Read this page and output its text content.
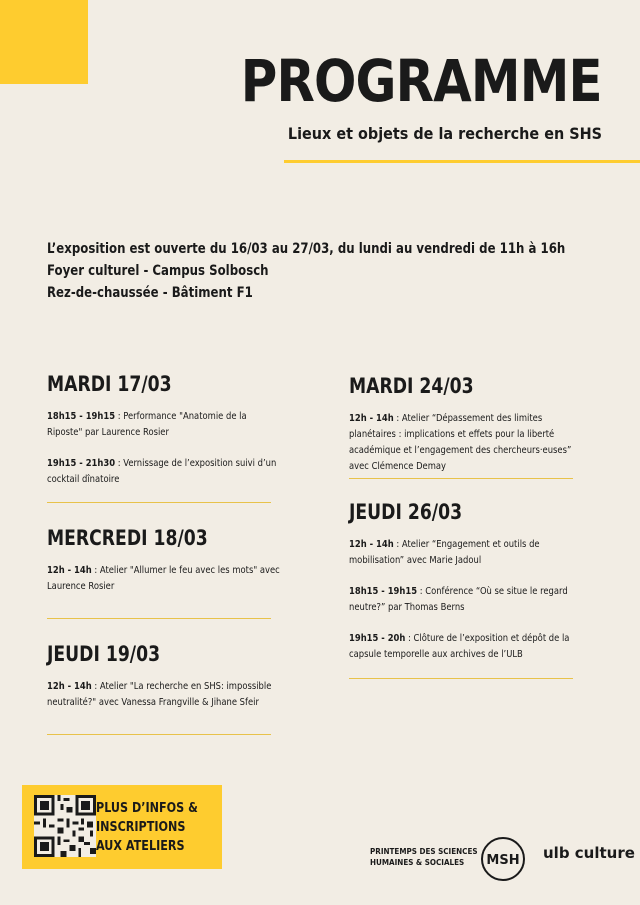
PROGRAMME
Lieux et objets de la recherche en SHS
L’exposition est ouverte du 16/03 au 27/03, du lundi au vendredi de 11h à 16h
Foyer culturel - Campus Solbosch
Rez-de-chaussée - Bâtiment F1
MARDI 17/03
18h15 - 19h15 : Performance "Anatomie de la Riposte" par Laurence Rosier
19h15 - 21h30 : Vernissage de l’exposition suivi d’un cocktail dînatoire
MERCREDI 18/03
12h - 14h : Atelier "Allumer le feu avec les mots" avec Laurence Rosier
JEUDI 19/03
12h - 14h : Atelier "La recherche en SHS: impossible neutralité?" avec Vanessa Frangville & Jihane Sfeir
MARDI 24/03
12h - 14h : Atelier “Dépassement des limites planétaires : implications et effets pour la liberté académique et l’engagement des chercheurs·euses” avec Clémence Demay
JEUDI 26/03
12h - 14h : Atelier “Engagement et outils de mobilisation” avec Marie Jadoul
18h15 - 19h15 : Conférence “Où se situe le regard neutre?” par Thomas Berns
19h15 - 20h : Clôture de l’exposition et dépôt de la capsule temporelle aux archives de l’ULB
PLUS D’INFOS &
INSCRIPTIONS
AUX ATELIERS	PRINTEMPS DES SCIENCES
HUMAINES & SOCIALES	MSH ulb culture
